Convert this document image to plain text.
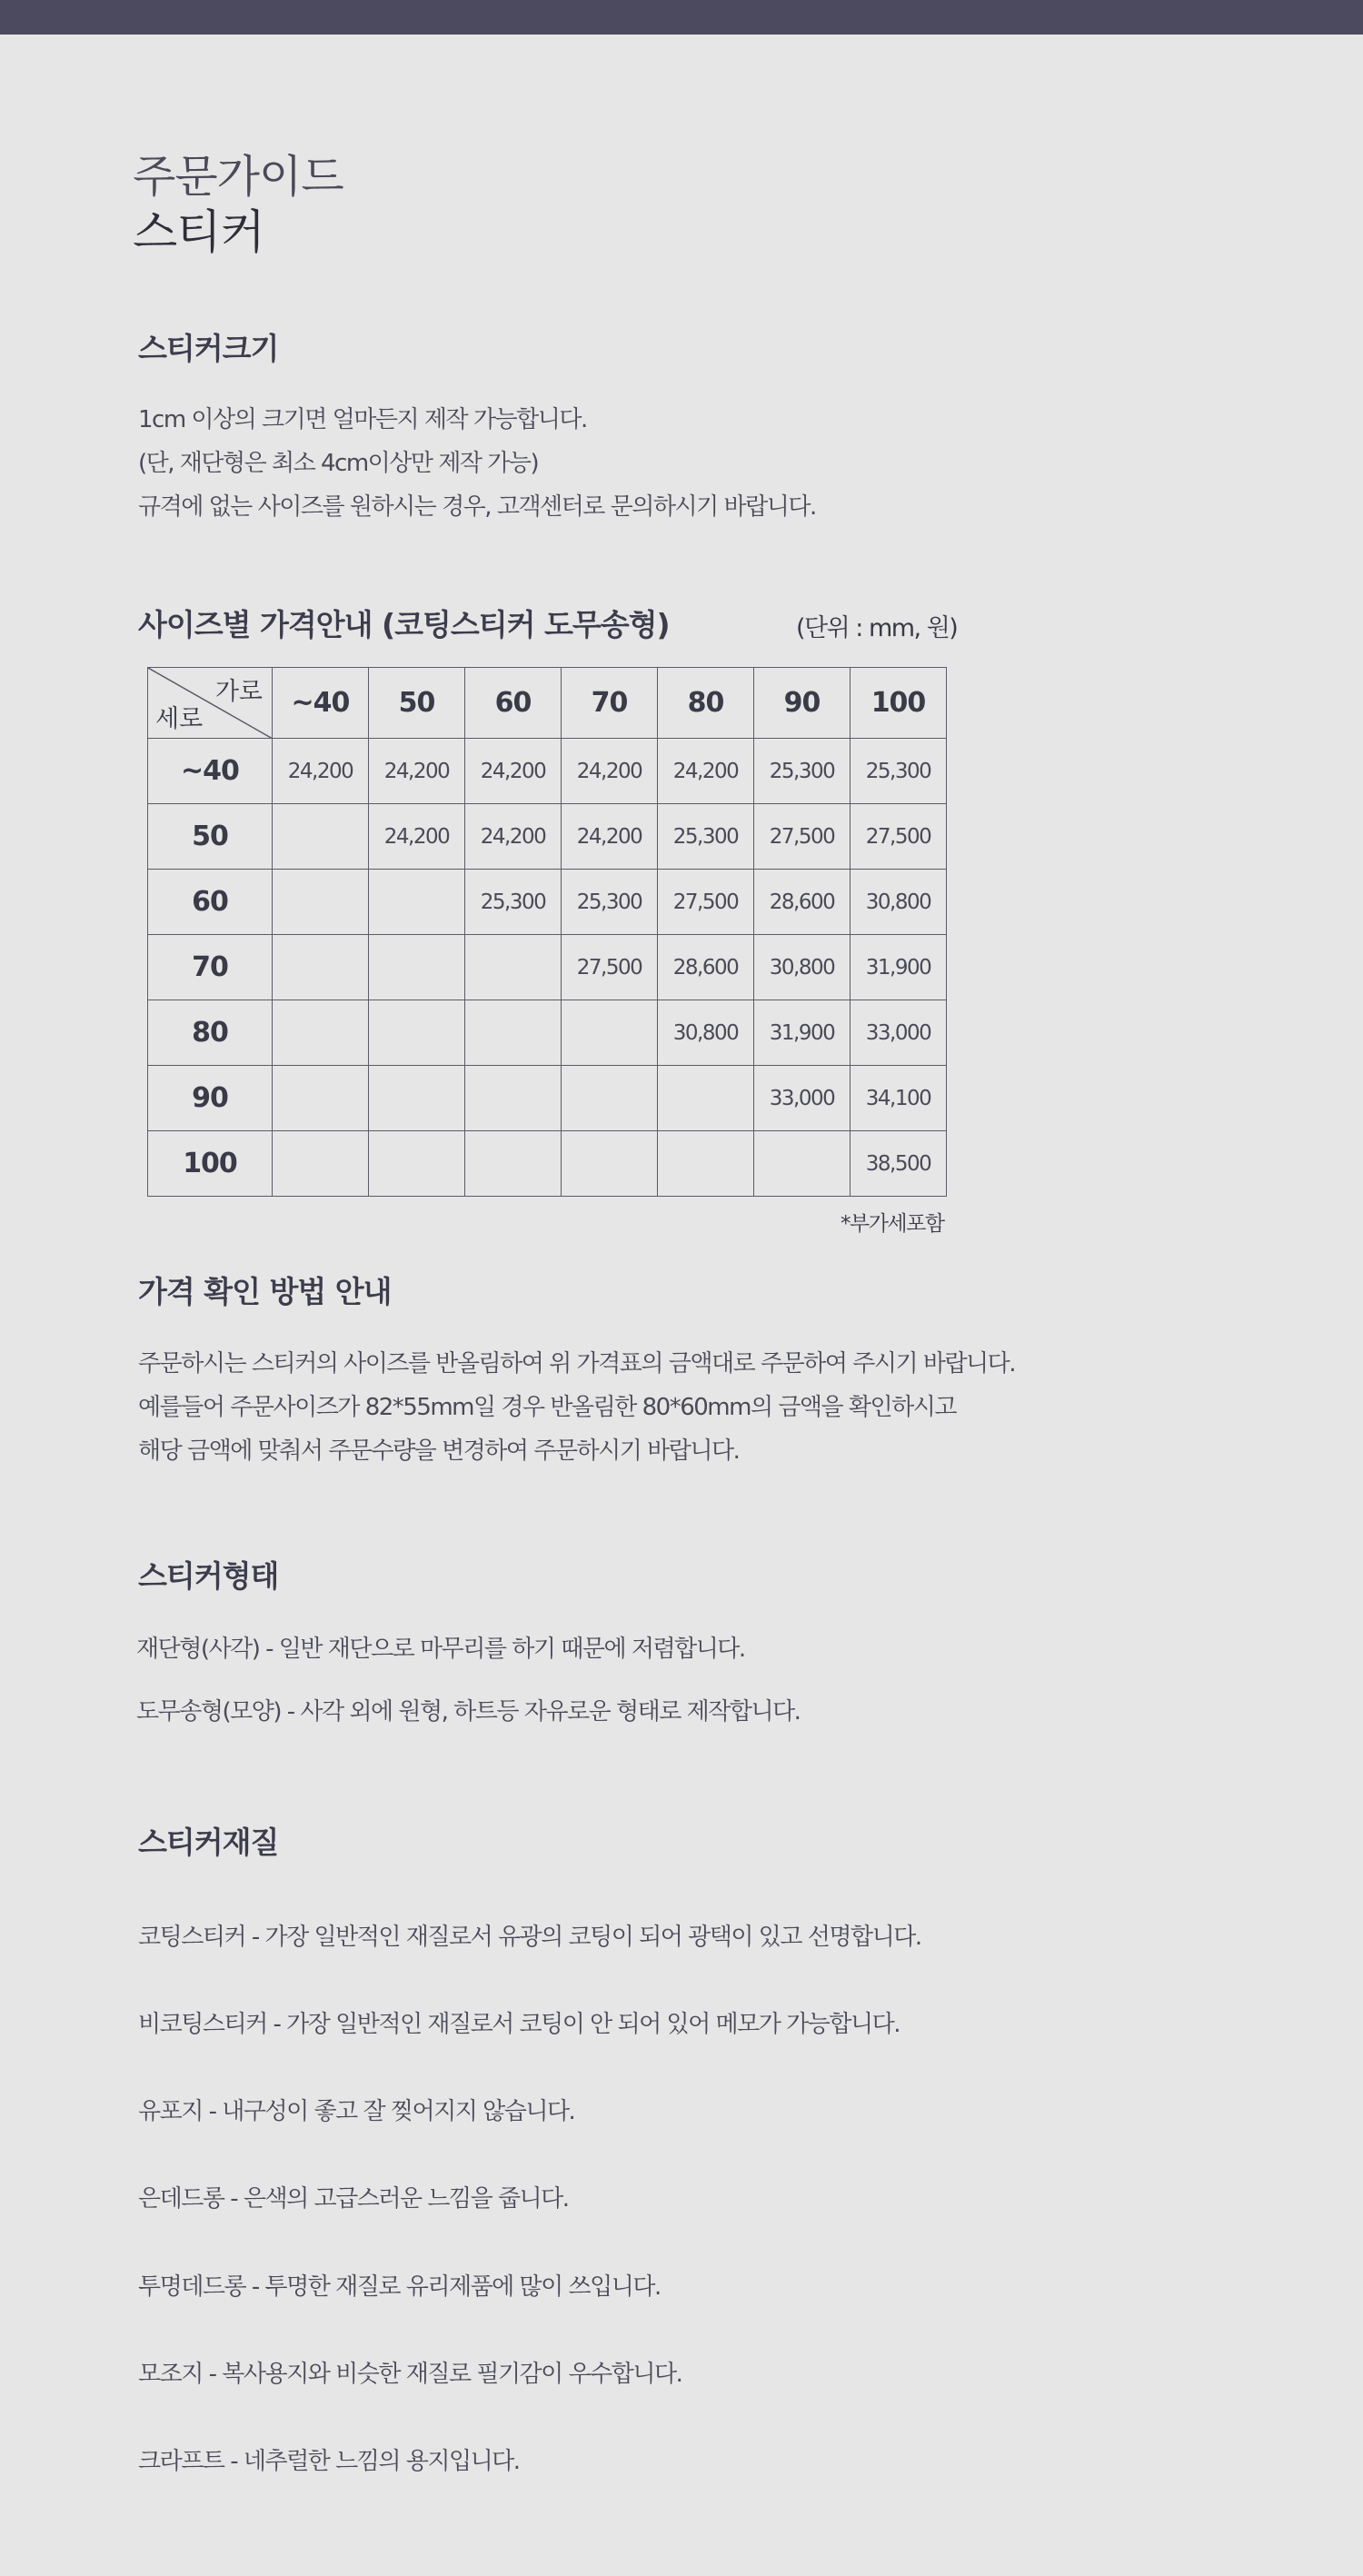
주문가이드
스티커
스티커크기
1cm 이상의 크기면 얼마든지 제작 가능합니다.
(단, 재단형은 최소 4cm이상만 제작 가능)
규격에 없는 사이즈를 원하시는 경우, 고객센터로 문의하시기 바랍니다.
사이즈별 가격안내 (코팅스티커 도무송형)	(단위 : mm, 원)
가로
세로	~40	50	60	70	80	90	100
~40	24,200	24,200	24,200	24,200	24,200	25,300	25,300
50		24,200	24,200	24,200	25,300	27,500	27,500
60			25,300	25,300	27,500	28,600	30,800
70				27,500	28,600	30,800	31,900
80					30,800	31,900	33,000
90						33,000	34,100
100							38,500
*부가세포함
가격 확인 방법 안내
주문하시는 스티커의 사이즈를 반올림하여 위 가격표의 금액대로 주문하여 주시기 바랍니다.
예를들어 주문사이즈가 82*55mm일 경우 반올림한 80*60mm의 금액을 확인하시고
해당 금액에 맞춰서 주문수량을 변경하여 주문하시기 바랍니다.
스티커형태
재단형(사각) - 일반 재단으로 마무리를 하기 때문에 저렴합니다.
도무송형(모양) - 사각 외에 원형, 하트등 자유로운 형태로 제작합니다.
스티커재질
코팅스티커 - 가장 일반적인 재질로서 유광의 코팅이 되어 광택이 있고 선명합니다.
비코팅스티커 - 가장 일반적인 재질로서 코팅이 안 되어 있어 메모가 가능합니다.
유포지 - 내구성이 좋고 잘 찢어지지 않습니다.
은데드롱 - 은색의 고급스러운 느낌을 줍니다.
투명데드롱 - 투명한 재질로 유리제품에 많이 쓰입니다.
모조지 - 복사용지와 비슷한 재질로 필기감이 우수합니다.
크라프트 - 네추럴한 느낌의 용지입니다.
